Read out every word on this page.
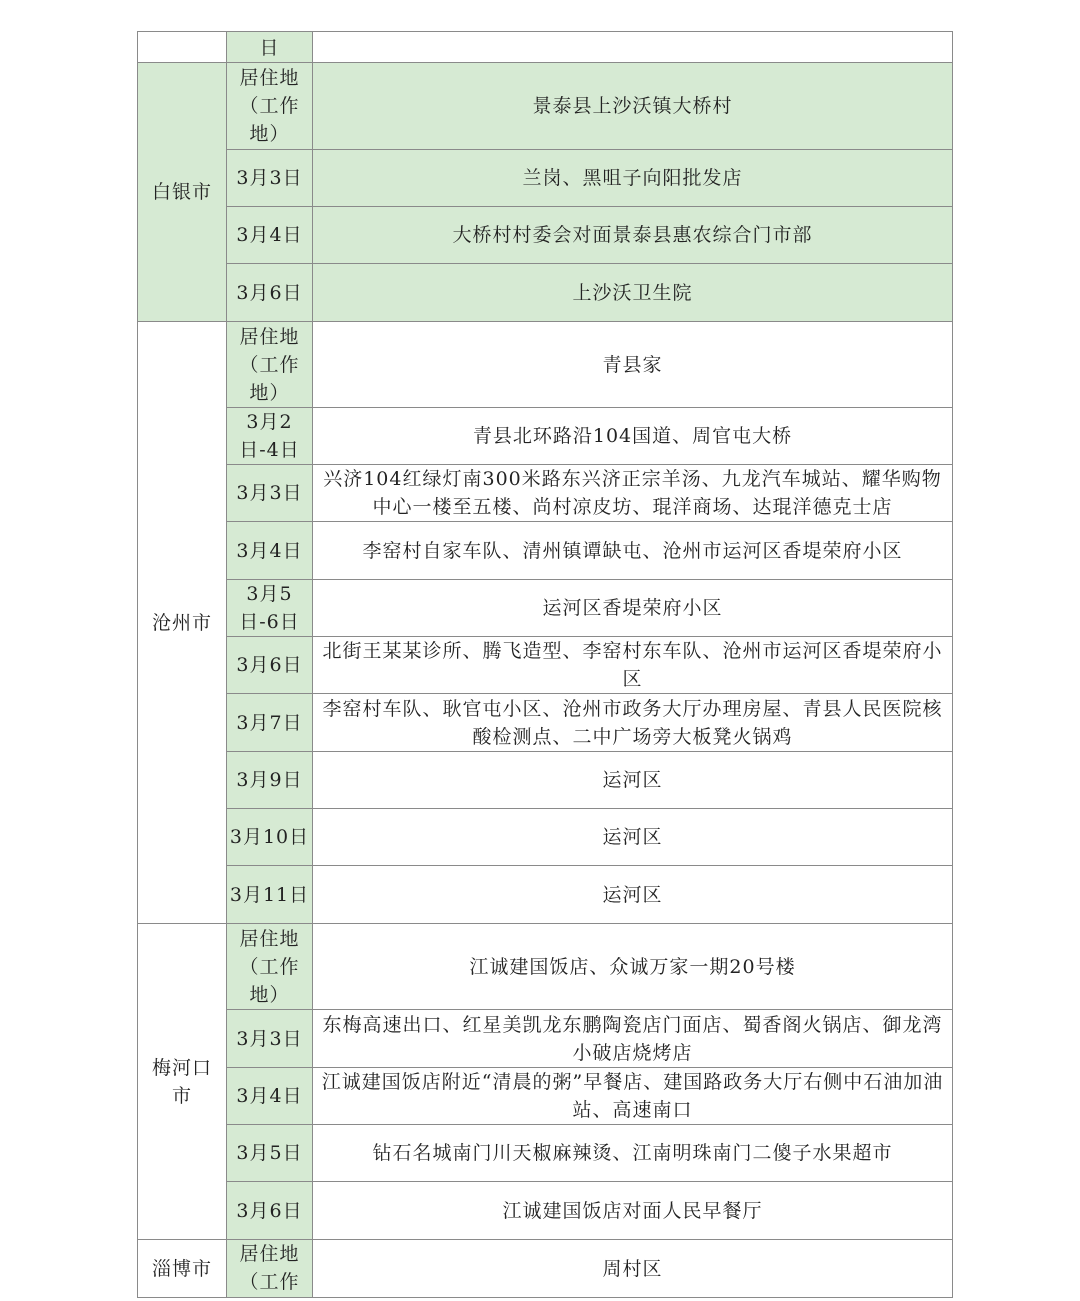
	日	
白银市	居住地（工作地）	景泰县上沙沃镇大桥村
	3月3日	兰岗、黑咀子向阳批发店
	3月4日	大桥村村委会对面景泰县惠农综合门市部
	3月6日	上沙沃卫生院
沧州市	居住地（工作地）	青县家
	3月2日-4日	青县北环路沿104国道、周官屯大桥
	3月3日	兴济104红绿灯南300米路东兴济正宗羊汤、九龙汽车城站、耀华购物中心一楼至五楼、尚村凉皮坊、琨洋商场、达琨洋德克士店
	3月4日	李窑村自家车队、清州镇谭缺屯、沧州市运河区香堤荣府小区
	3月5日-6日	运河区香堤荣府小区
	3月6日	北街王某某诊所、腾飞造型、李窑村东车队、沧州市运河区香堤荣府小区
	3月7日	李窑村车队、耿官屯小区、沧州市政务大厅办理房屋、青县人民医院核酸检测点、二中广场旁大板凳火锅鸡
	3月9日	运河区
	3月10日	运河区
	3月11日	运河区
梅河口市	居住地（工作地）	江诚建国饭店、众诚万家一期20号楼
	3月3日	东梅高速出口、红星美凯龙东鹏陶瓷店门面店、蜀香阁火锅店、御龙湾小破店烧烤店
	3月4日	江诚建国饭店附近“清晨的粥”早餐店、建国路政务大厅右侧中石油加油站、高速南口
	3月5日	钻石名城南门川天椒麻辣烫、江南明珠南门二傻子水果超市
	3月6日	江诚建国饭店对面人民早餐厅
淄博市	居住地（工作	周村区
